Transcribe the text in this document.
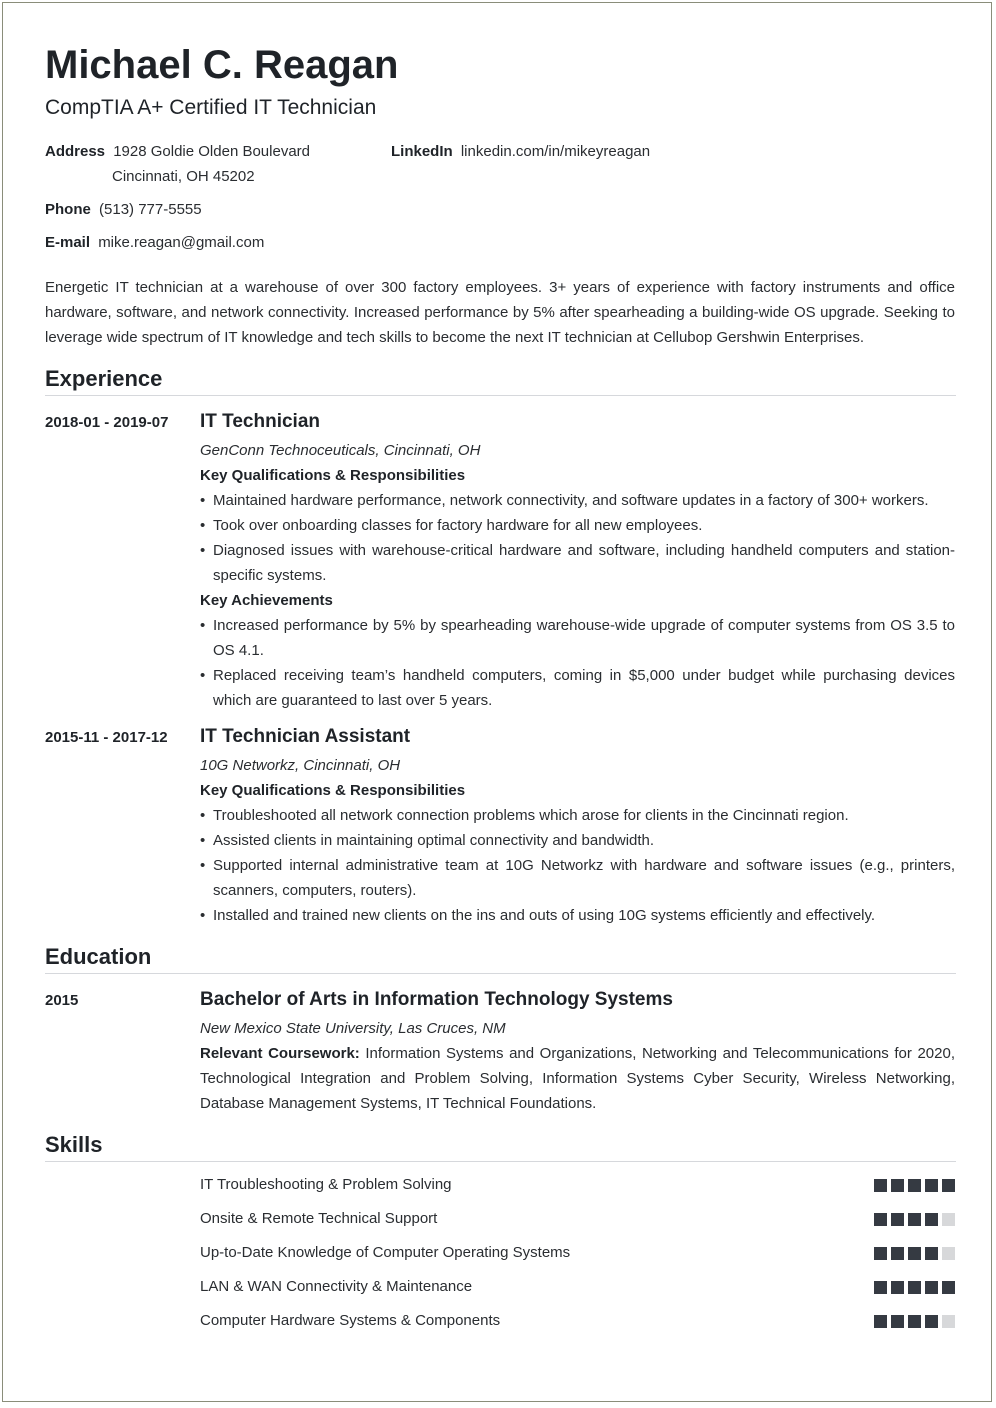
Michael C. Reagan
CompTIA A+ Certified IT Technician
Address 1928 Goldie Olden Boulevard
Cincinnati, OH 45202
LinkedIn linkedin.com/in/mikeyreagan
Phone (513) 777-5555
E-mail mike.reagan@gmail.com
Energetic IT technician at a warehouse of over 300 factory employees. 3+ years of experience with factory instruments and office hardware, software, and network connectivity. Increased performance by 5% after spearheading a building-wide OS upgrade. Seeking to leverage wide spectrum of IT knowledge and tech skills to become the next IT technician at Cellubop Gershwin Enterprises.
Experience
2018-01 - 2019-07 IT Technician
GenConn Technoceuticals, Cincinnati, OH
Key Qualifications & Responsibilities
• Maintained hardware performance, network connectivity, and software updates in a factory of 300+ workers.
• Took over onboarding classes for factory hardware for all new employees.
• Diagnosed issues with warehouse-critical hardware and software, including handheld computers and station-specific systems.
Key Achievements
• Increased performance by 5% by spearheading warehouse-wide upgrade of computer systems from OS 3.5 to OS 4.1.
• Replaced receiving team’s handheld computers, coming in $5,000 under budget while purchasing devices which are guaranteed to last over 5 years.
2015-11 - 2017-12 IT Technician Assistant
10G Networkz, Cincinnati, OH
Key Qualifications & Responsibilities
• Troubleshooted all network connection problems which arose for clients in the Cincinnati region.
• Assisted clients in maintaining optimal connectivity and bandwidth.
• Supported internal administrative team at 10G Networkz with hardware and software issues (e.g., printers, scanners, computers, routers).
• Installed and trained new clients on the ins and outs of using 10G systems efficiently and effectively.
Education
2015	Bachelor of Arts in Information Technology Systems
New Mexico State University, Las Cruces, NM
Relevant Coursework: Information Systems and Organizations, Networking and Telecommunications for 2020, Technological Integration and Problem Solving, Information Systems Cyber Security, Wireless Networking, Database Management Systems, IT Technical Foundations.
Skills
IT Troubleshooting & Problem Solving
Onsite & Remote Technical Support
Up-to-Date Knowledge of Computer Operating Systems
LAN & WAN Connectivity & Maintenance
Computer Hardware Systems & Components
